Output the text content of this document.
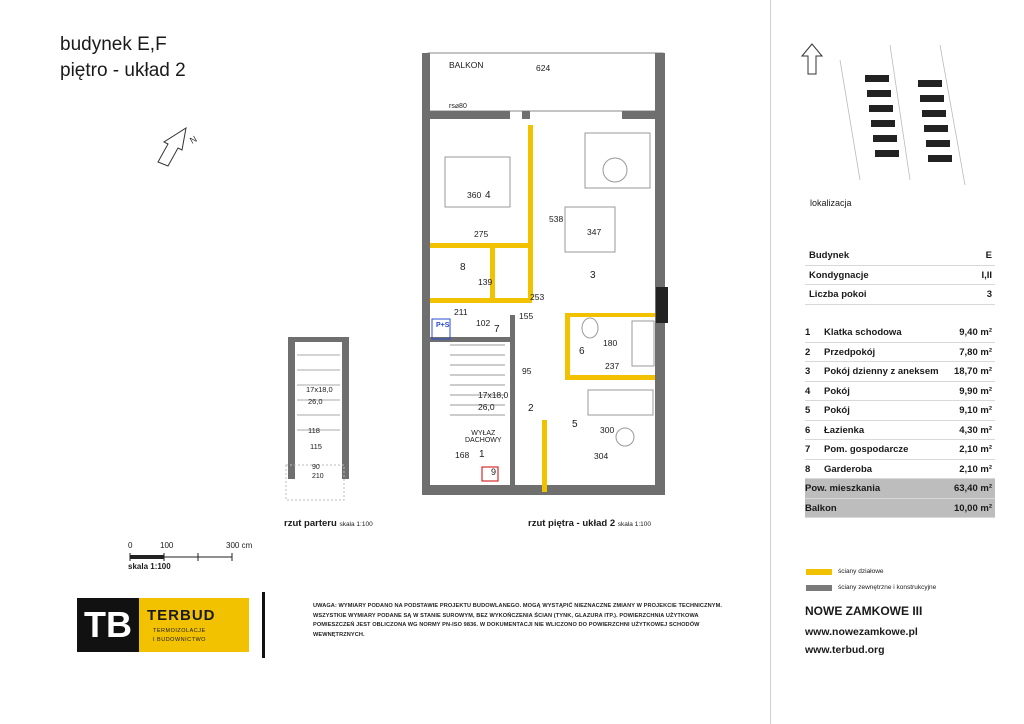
budynek E,F
piętro - układ 2
N
BALKON	624
rs⌀80
360
275
538
347
139
253
211
102
155
180
237
95
17x18,0
26,0
300
304
WYŁAZ
DACHOWY
168
P+S
4
8
3
7
6
2
5
1
9
17x18,0
26,0
118
115
90
210
rzut parteru skala 1:100	rzut piętra - układ 2 skala 1:100
0	100	300 cm
skala 1:100
TB	TERBUD
TERMOIZOLACJE
I BUDOWNICTWO
UWAGA: WYMIARY PODANO NA PODSTAWIE PROJEKTU BUDOWLANEGO. MOGĄ WYSTĄPIĆ NIEZNACZNE ZMIANY W PROJEKCIE TECHNICZNYM. WSZYSTKIE WYMIARY PODANE SĄ W STANIE SUROWYM, BEZ WYKOŃCZENIA ŚCIAN (TYNK, GLAZURA ITP.). POWIERZCHNIA UŻYTKOWA POMIESZCZEŃ JEST OBLICZONA WG NORMY PN-ISO 9836. W DOKUMENTACJI NIE WLICZONO DO POWIERZCHNI UŻYTKOWEJ SCHODÓW WEWNĘTRZNYCH.
lokalizacja
Budynek	E
Kondygnacje	I,II
Liczba pokoi	3
1 Klatka schodowa	9,40 m²
2 Przedpokój	7,80 m²
3 Pokój dzienny z aneksem 18,70 m²
4 Pokój	9,90 m²
5 Pokój	9,10 m²
6 Łazienka	4,30 m²
7 Pom. gospodarcze	2,10 m²
8 Garderoba	2,10 m²
Pow. mieszkania	63,40 m²
Balkon	10,00 m²
ściany działowe
ściany zewnętrzne i konstrukcyjne
NOWE ZAMKOWE III
www.nowezamkowe.pl
www.terbud.org
